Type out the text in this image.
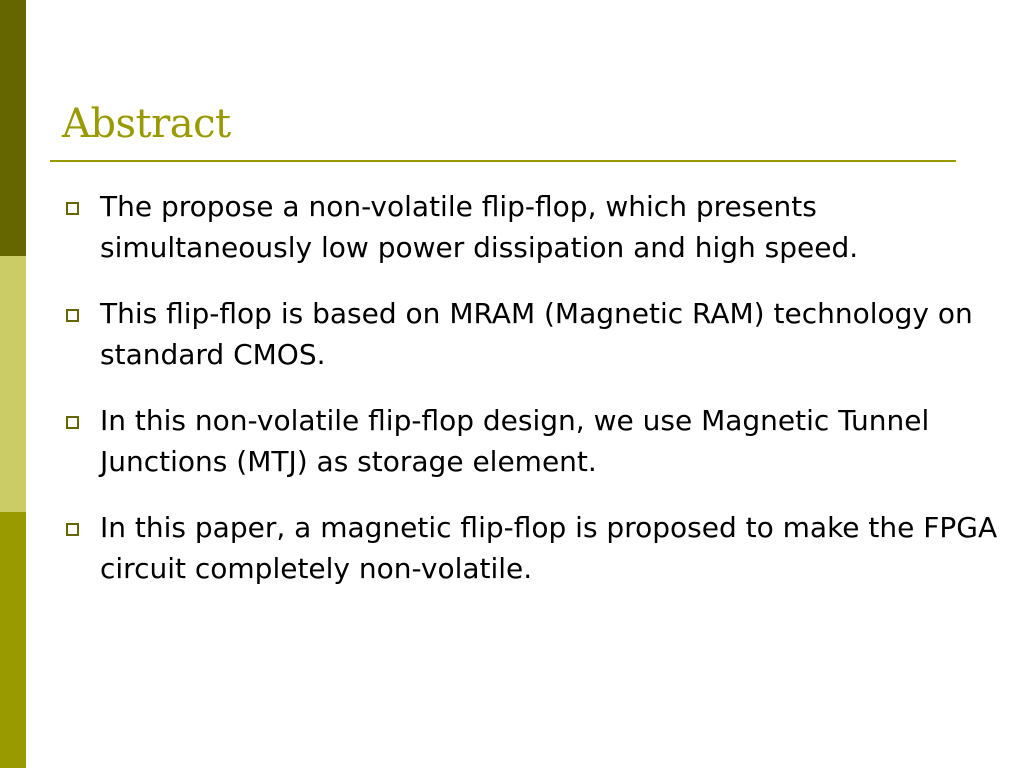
Abstract
The propose a non-volatile flip-flop, which presents simultaneously low power dissipation and high speed.
This flip-flop is based on MRAM (Magnetic RAM) technology on standard CMOS.
In this non-volatile flip-flop design, we use Magnetic Tunnel Junctions (MTJ) as storage element.
In this paper, a magnetic flip-flop is proposed to make the FPGA circuit completely non-volatile.
